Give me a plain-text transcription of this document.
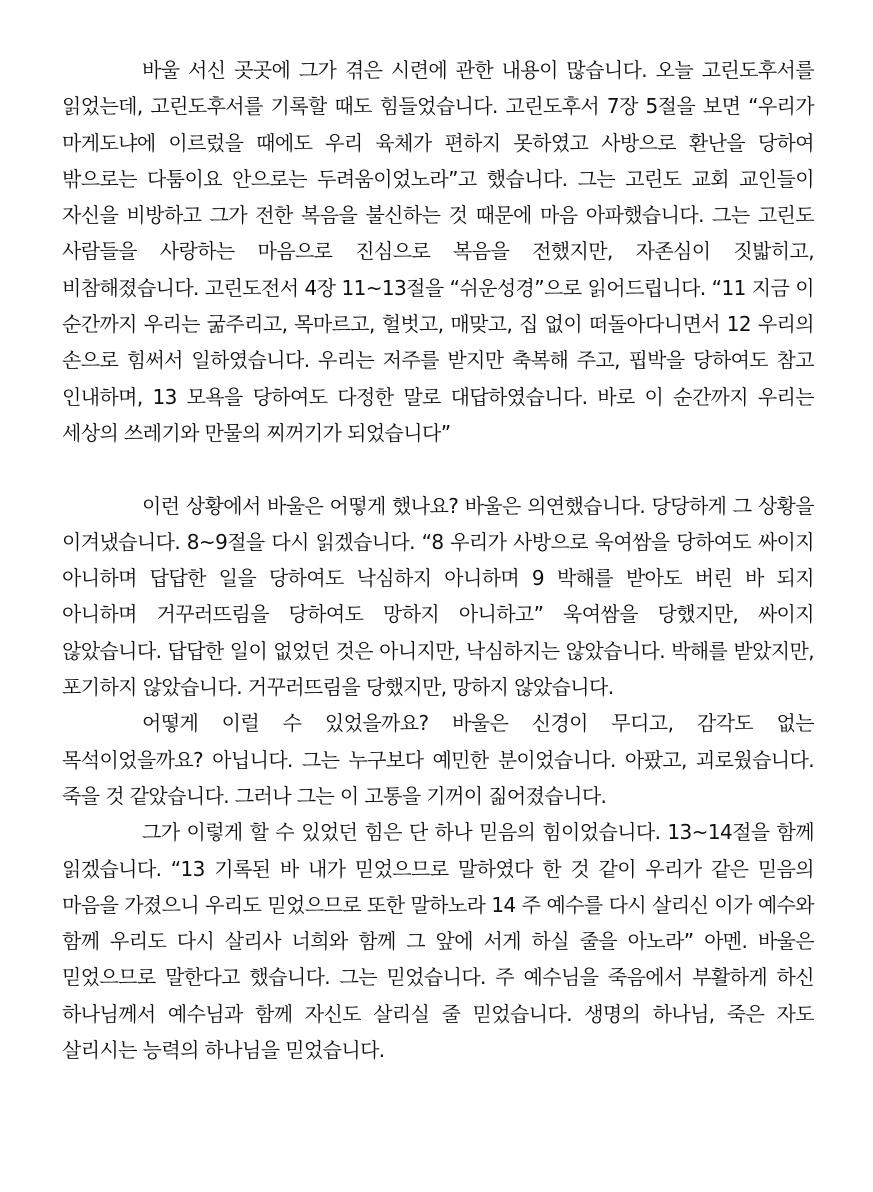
바울 서신 곳곳에 그가 겪은 시련에 관한 내용이 많습니다. 오늘 고린도후서를 읽었는데, 고린도후서를 기록할 때도 힘들었습니다. 고린도후서 7장 5절을 보면 “우리가 마게도냐에 이르렀을 때에도 우리 육체가 편하지 못하였고 사방으로 환난을 당하여 밖으로는 다툼이요 안으로는 두려움이었노라”고 했습니다. 그는 고린도 교회 교인들이 자신을 비방하고 그가 전한 복음을 불신하는 것 때문에 마음 아파했습니다. 그는 고린도 사람들을 사랑하는 마음으로 진심으로 복음을 전했지만, 자존심이 짓밟히고, 비참해졌습니다. 고린도전서 4장 11~13절을 “쉬운성경”으로 읽어드립니다. “11 지금 이 순간까지 우리는 굶주리고, 목마르고, 헐벗고, 매맞고, 집 없이 떠돌아다니면서 12 우리의 손으로 힘써서 일하였습니다. 우리는 저주를 받지만 축복해 주고, 핍박을 당하여도 참고 인내하며, 13 모욕을 당하여도 다정한 말로 대답하였습니다. 바로 이 순간까지 우리는 세상의 쓰레기와 만물의 찌꺼기가 되었습니다”

이런 상황에서 바울은 어떻게 했나요? 바울은 의연했습니다. 당당하게 그 상황을 이겨냈습니다. 8~9절을 다시 읽겠습니다. “8 우리가 사방으로 욱여쌈을 당하여도 싸이지 아니하며 답답한 일을 당하여도 낙심하지 아니하며 9 박해를 받아도 버린 바 되지 아니하며 거꾸러뜨림을 당하여도 망하지 아니하고” 욱여쌈을 당했지만, 싸이지 않았습니다. 답답한 일이 없었던 것은 아니지만, 낙심하지는 않았습니다. 박해를 받았지만, 포기하지 않았습니다. 거꾸러뜨림을 당했지만, 망하지 않았습니다.

어떻게 이럴 수 있었을까요? 바울은 신경이 무디고, 감각도 없는 목석이었을까요? 아닙니다. 그는 누구보다 예민한 분이었습니다. 아팠고, 괴로웠습니다. 죽을 것 같았습니다. 그러나 그는 이 고통을 기꺼이 짊어졌습니다.

그가 이렇게 할 수 있었던 힘은 단 하나 믿음의 힘이었습니다. 13~14절을 함께 읽겠습니다. “13 기록된 바 내가 믿었으므로 말하였다 한 것 같이 우리가 같은 믿음의 마음을 가졌으니 우리도 믿었으므로 또한 말하노라 14 주 예수를 다시 살리신 이가 예수와 함께 우리도 다시 살리사 너희와 함께 그 앞에 서게 하실 줄을 아노라” 아멘. 바울은 믿었으므로 말한다고 했습니다. 그는 믿었습니다. 주 예수님을 죽음에서 부활하게 하신 하나님께서 예수님과 함께 자신도 살리실 줄 믿었습니다. 생명의 하나님, 죽은 자도 살리시는 능력의 하나님을 믿었습니다.
